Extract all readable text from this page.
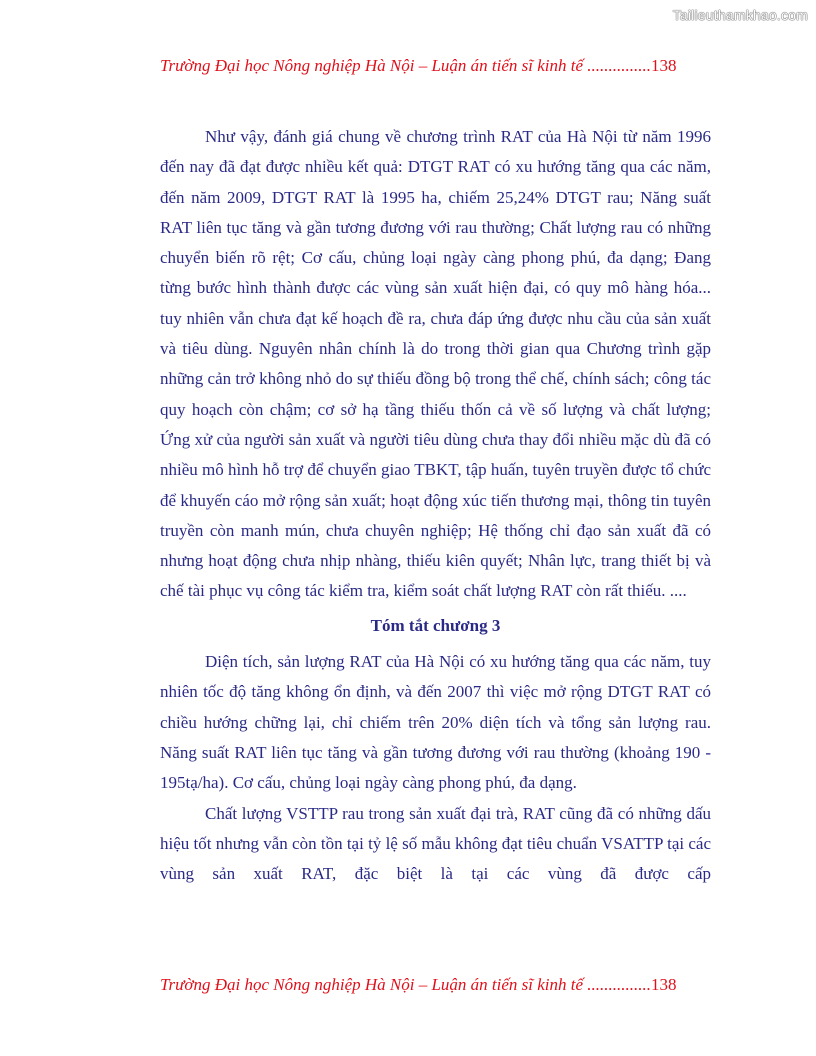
Tailieuthamkhao.com
Trường Đại học Nông nghiệp Hà Nội – Luận án tiến sĩ kinh tế ...............138

Như vậy, đánh giá chung về chương trình RAT của Hà Nội từ năm 1996 đến nay đã đạt được nhiều kết quả: DTGT RAT có xu hướng tăng qua các năm, đến năm 2009, DTGT RAT là 1995 ha, chiếm 25,24% DTGT rau; Năng suất RAT liên tục tăng và gần tương đương với rau thường; Chất lượng rau có những chuyển biến rõ rệt; Cơ cấu, chủng loại ngày càng phong phú, đa dạng; Đang từng bước hình thành được các vùng sản xuất hiện đại, có quy mô hàng hóa... tuy nhiên vẫn chưa đạt kế hoạch đề ra, chưa đáp ứng được nhu cầu của sản xuất và tiêu dùng. Nguyên nhân chính là do trong thời gian qua Chương trình gặp những cản trở không nhỏ do sự thiếu đồng bộ trong thể chế, chính sách; công tác quy hoạch còn chậm; cơ sở hạ tầng thiếu thốn cả về số lượng và chất lượng; Ứng xử của người sản xuất và người tiêu dùng chưa thay đổi nhiều mặc dù đã có nhiều mô hình hỗ trợ để chuyển giao TBKT, tập huấn, tuyên truyền được tổ chức để khuyến cáo mở rộng sản xuất; hoạt động xúc tiến thương mại, thông tin tuyên truyền còn manh mún, chưa chuyên nghiệp; Hệ thống chỉ đạo sản xuất đã có nhưng hoạt động chưa nhịp nhàng, thiếu kiên quyết; Nhân lực, trang thiết bị và chế tài phục vụ công tác kiểm tra, kiểm soát chất lượng RAT còn rất thiếu. ....

Tóm tắt chương 3

Diện tích, sản lượng RAT của Hà Nội có xu hướng tăng qua các năm, tuy nhiên tốc độ tăng không ổn định, và đến 2007 thì việc mở rộng DTGT RAT có chiều hướng chững lại, chỉ chiếm trên 20% diện tích và tổng sản lượng rau. Năng suất RAT liên tục tăng và gần tương đương với rau thường (khoảng 190 - 195tạ/ha). Cơ cấu, chủng loại ngày càng phong phú, đa dạng.

Chất lượng VSTTP rau trong sản xuất đại trà, RAT cũng đã có những dấu hiệu tốt nhưng vẫn còn tồn tại tỷ lệ số mẫu không đạt tiêu chuẩn VSATTP tại các vùng sản xuất RAT, đặc biệt là tại các vùng đã được cấp

Trường Đại học Nông nghiệp Hà Nội – Luận án tiến sĩ kinh tế ...............138
